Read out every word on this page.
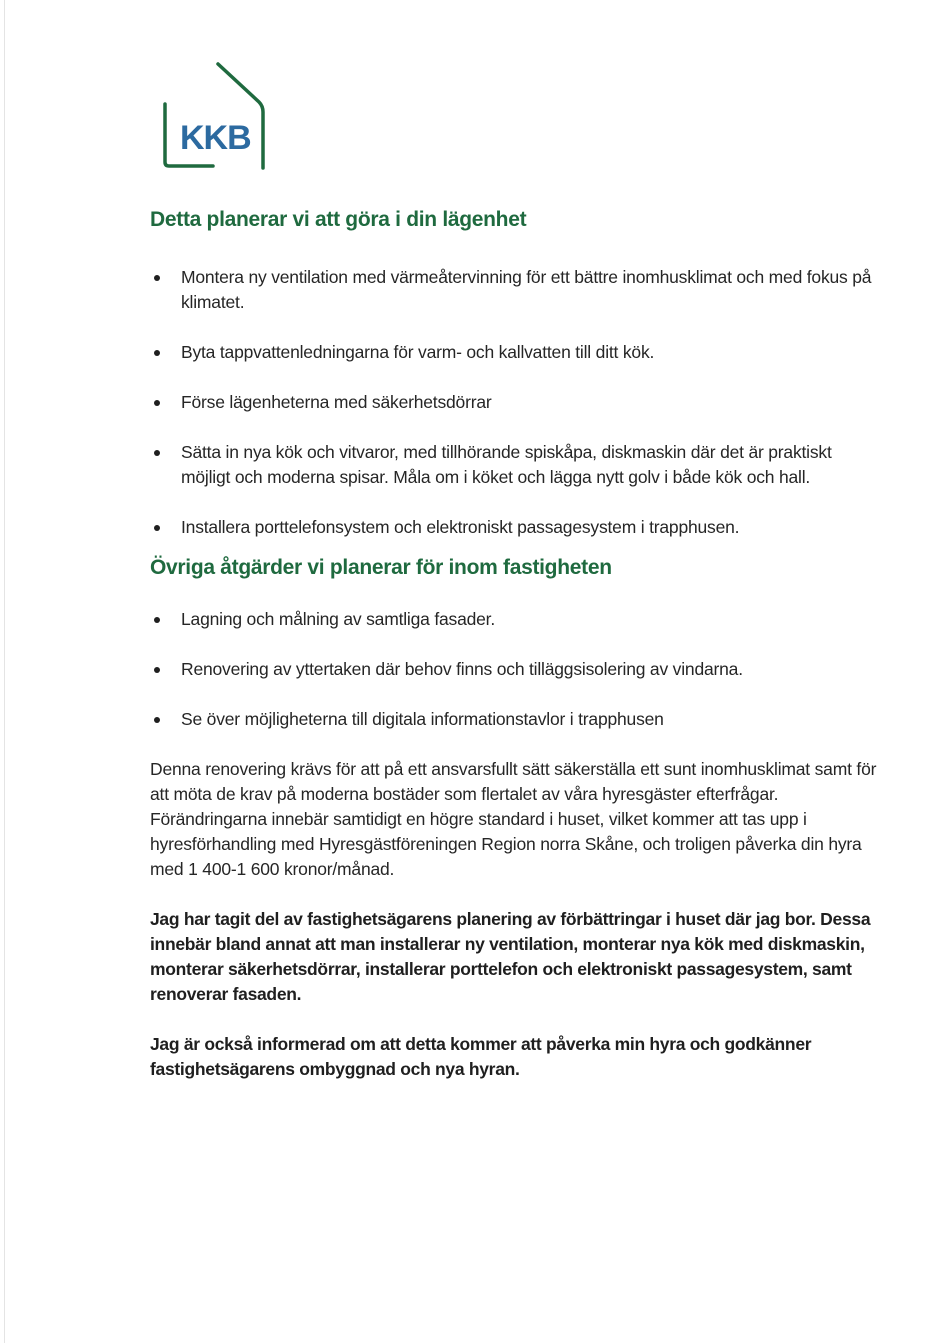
KKB
Detta planerar vi att göra i din lägenhet
Montera ny ventilation med värmeåtervinning för ett bättre inomhusklimat och med fokus på klimatet.
Byta tappvattenledningarna för varm- och kallvatten till ditt kök.
Förse lägenheterna med säkerhetsdörrar
Sätta in nya kök och vitvaror, med tillhörande spiskåpa, diskmaskin där det är praktiskt möjligt och moderna spisar. Måla om i köket och lägga nytt golv i både kök och hall.
Installera porttelefonsystem och elektroniskt passagesystem i trapphusen.
Övriga åtgärder vi planerar för inom fastigheten
Lagning och målning av samtliga fasader.
Renovering av yttertaken där behov finns och tilläggsisolering av vindarna.
Se över möjligheterna till digitala informationstavlor i trapphusen

Denna renovering krävs för att på ett ansvarsfullt sätt säkerställa ett sunt inomhusklimat samt för att möta de krav på moderna bostäder som flertalet av våra hyresgäster efterfrågar. Förändringarna innebär samtidigt en högre standard i huset, vilket kommer att tas upp i hyresförhandling med Hyresgästföreningen Region norra Skåne, och troligen påverka din hyra med 1 400-1 600 kronor/månad.

Jag har tagit del av fastighetsägarens planering av förbättringar i huset där jag bor. Dessa innebär bland annat att man installerar ny ventilation, monterar nya kök med diskmaskin, monterar säkerhetsdörrar, installerar porttelefon och elektroniskt passagesystem, samt renoverar fasaden.

Jag är också informerad om att detta kommer att påverka min hyra och godkänner fastighetsägarens ombyggnad och nya hyran.
